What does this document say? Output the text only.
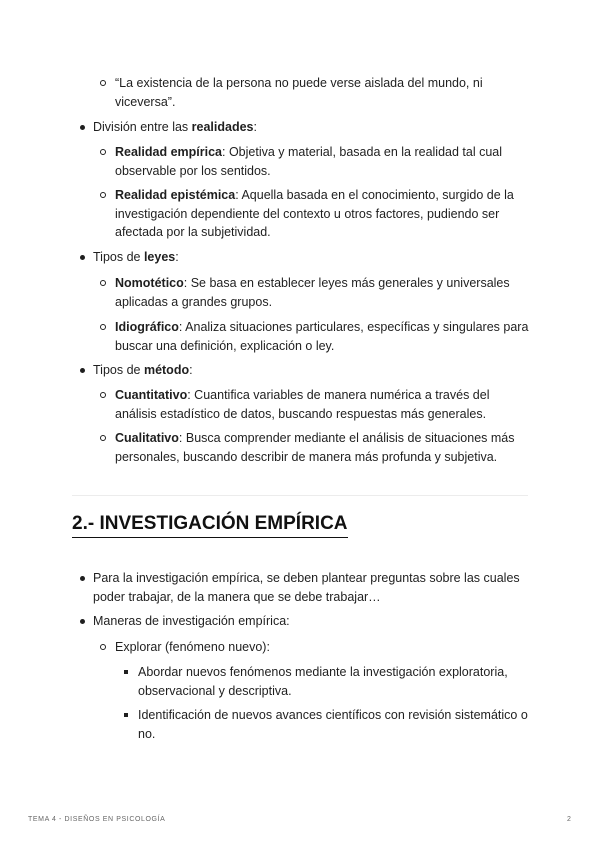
“La existencia de la persona no puede verse aislada del mundo, ni viceversa”.
División entre las realidades:
Realidad empírica: Objetiva y material, basada en la realidad tal cual observable por los sentidos.
Realidad epistémica: Aquella basada en el conocimiento, surgido de la investigación dependiente del contexto u otros factores, pudiendo ser afectada por la subjetividad.
Tipos de leyes:
Nomotético: Se basa en establecer leyes más generales y universales aplicadas a grandes grupos.
Idiográfico: Analiza situaciones particulares, específicas y singulares para buscar una definición, explicación o ley.
Tipos de método:
Cuantitativo: Cuantifica variables de manera numérica a través del análisis estadístico de datos, buscando respuestas más generales.
Cualitativo: Busca comprender mediante el análisis de situaciones más personales, buscando describir de manera más profunda y subjetiva.
2.- INVESTIGACIÓN EMPÍRICA
Para la investigación empírica, se deben plantear preguntas sobre las cuales poder trabajar, de la manera que se debe trabajar…
Maneras de investigación empírica:
Explorar (fenómeno nuevo):
Abordar nuevos fenómenos mediante la investigación exploratoria, observacional y descriptiva.
Identificación de nuevos avances científicos con revisión sistemático o no.
TEMA 4 - DISEÑOS EN PSICOLOGÍA	2
